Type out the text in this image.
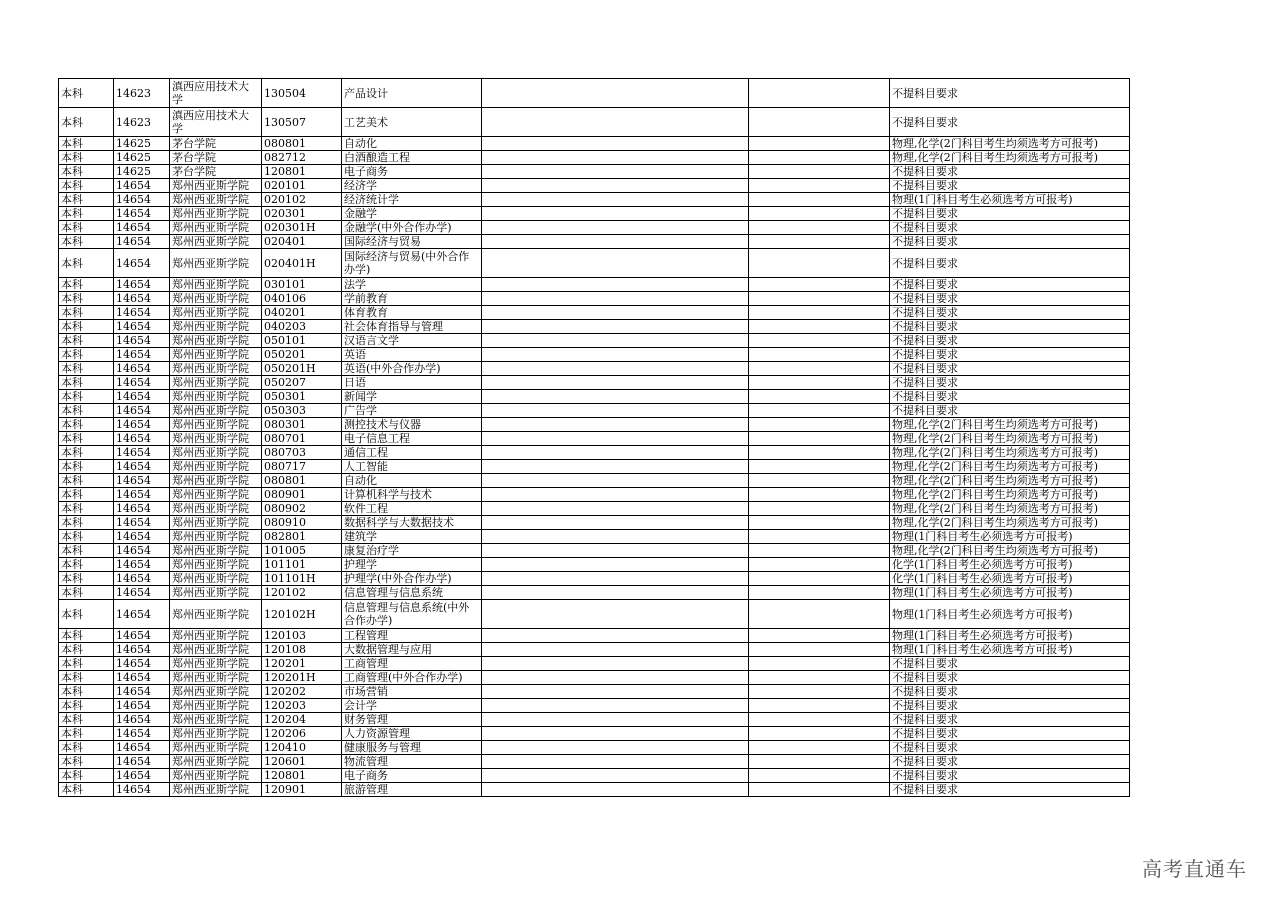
本科	14623	滇西应用技术大学	130504	产品设计			不提科目要求
本科	14623	滇西应用技术大学	130507	工艺美术			不提科目要求
本科	14625	茅台学院	080801	自动化			物理,化学(2门科目考生均须选考方可报考)
本科	14625	茅台学院	082712	白酒酿造工程			物理,化学(2门科目考生均须选考方可报考)
本科	14625	茅台学院	120801	电子商务			不提科目要求
本科	14654	郑州西亚斯学院	020101	经济学			不提科目要求
本科	14654	郑州西亚斯学院	020102	经济统计学			物理(1门科目考生必须选考方可报考)
本科	14654	郑州西亚斯学院	020301	金融学			不提科目要求
本科	14654	郑州西亚斯学院	020301H	金融学(中外合作办学)			不提科目要求
本科	14654	郑州西亚斯学院	020401	国际经济与贸易			不提科目要求
本科	14654	郑州西亚斯学院	020401H	国际经济与贸易(中外合作办学)			不提科目要求
本科	14654	郑州西亚斯学院	030101	法学			不提科目要求
本科	14654	郑州西亚斯学院	040106	学前教育			不提科目要求
本科	14654	郑州西亚斯学院	040201	体育教育			不提科目要求
本科	14654	郑州西亚斯学院	040203	社会体育指导与管理			不提科目要求
本科	14654	郑州西亚斯学院	050101	汉语言文学			不提科目要求
本科	14654	郑州西亚斯学院	050201	英语			不提科目要求
本科	14654	郑州西亚斯学院	050201H	英语(中外合作办学)			不提科目要求
本科	14654	郑州西亚斯学院	050207	日语			不提科目要求
本科	14654	郑州西亚斯学院	050301	新闻学			不提科目要求
本科	14654	郑州西亚斯学院	050303	广告学			不提科目要求
本科	14654	郑州西亚斯学院	080301	测控技术与仪器			物理,化学(2门科目考生均须选考方可报考)
本科	14654	郑州西亚斯学院	080701	电子信息工程			物理,化学(2门科目考生均须选考方可报考)
本科	14654	郑州西亚斯学院	080703	通信工程			物理,化学(2门科目考生均须选考方可报考)
本科	14654	郑州西亚斯学院	080717	人工智能			物理,化学(2门科目考生均须选考方可报考)
本科	14654	郑州西亚斯学院	080801	自动化			物理,化学(2门科目考生均须选考方可报考)
本科	14654	郑州西亚斯学院	080901	计算机科学与技术			物理,化学(2门科目考生均须选考方可报考)
本科	14654	郑州西亚斯学院	080902	软件工程			物理,化学(2门科目考生均须选考方可报考)
本科	14654	郑州西亚斯学院	080910	数据科学与大数据技术			物理,化学(2门科目考生均须选考方可报考)
本科	14654	郑州西亚斯学院	082801	建筑学			物理(1门科目考生必须选考方可报考)
本科	14654	郑州西亚斯学院	101005	康复治疗学			物理,化学(2门科目考生均须选考方可报考)
本科	14654	郑州西亚斯学院	101101	护理学			化学(1门科目考生必须选考方可报考)
本科	14654	郑州西亚斯学院	101101H	护理学(中外合作办学)			化学(1门科目考生必须选考方可报考)
本科	14654	郑州西亚斯学院	120102	信息管理与信息系统			物理(1门科目考生必须选考方可报考)
本科	14654	郑州西亚斯学院	120102H	信息管理与信息系统(中外合作办学)			物理(1门科目考生必须选考方可报考)
本科	14654	郑州西亚斯学院	120103	工程管理			物理(1门科目考生必须选考方可报考)
本科	14654	郑州西亚斯学院	120108	大数据管理与应用			物理(1门科目考生必须选考方可报考)
本科	14654	郑州西亚斯学院	120201	工商管理			不提科目要求
本科	14654	郑州西亚斯学院	120201H	工商管理(中外合作办学)			不提科目要求
本科	14654	郑州西亚斯学院	120202	市场营销			不提科目要求
本科	14654	郑州西亚斯学院	120203	会计学			不提科目要求
本科	14654	郑州西亚斯学院	120204	财务管理			不提科目要求
本科	14654	郑州西亚斯学院	120206	人力资源管理			不提科目要求
本科	14654	郑州西亚斯学院	120410	健康服务与管理			不提科目要求
本科	14654	郑州西亚斯学院	120601	物流管理			不提科目要求
本科	14654	郑州西亚斯学院	120801	电子商务			不提科目要求
本科	14654	郑州西亚斯学院	120901	旅游管理			不提科目要求
高考直通车
